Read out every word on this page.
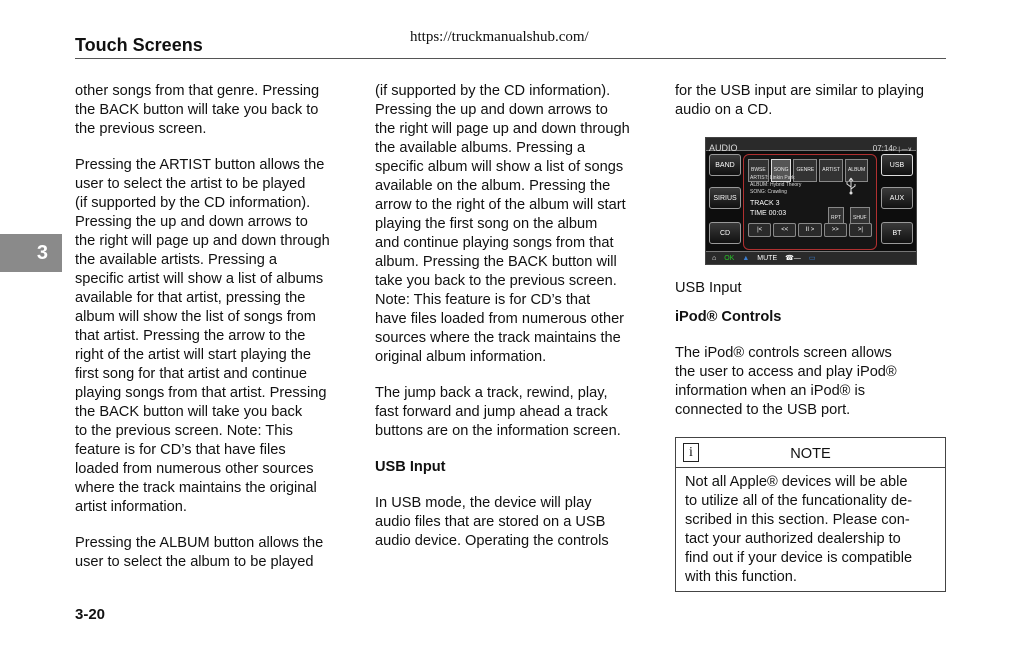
Touch Screens	https://truckmanualshub.com/
3

other songs from that genre. Pressing
the BACK button will take you back to
the previous screen.

Pressing the ARTIST button allows the
user to select the artist to be played
(if supported by the CD information).
Pressing the up and down arrows to
the right will page up and down through
the available artists. Pressing a
specific artist will show a list of albums
available for that artist, pressing the
album will show the list of songs from
that artist. Pressing the arrow to the
right of the artist will start playing the
first song for that artist and continue
playing songs from that artist. Pressing
the BACK button will take you back
to the previous screen. Note: This
feature is for CD’s that have files
loaded from numerous other sources
where the track maintains the original
artist information.

Pressing the ALBUM button allows the
user to select the album to be played

(if supported by the CD information).
Pressing the up and down arrows to
the right will page up and down through
the available albums. Pressing a
specific album will show a list of songs
available on the album. Pressing the
arrow to the right of the album will start
playing the first song on the album
and continue playing songs from that
album. Pressing the BACK button will
take you back to the previous screen.
Note: This feature is for CD’s that
have files loaded from numerous other
sources where the track maintains the
original album information.

The jump back a track, rewind, play,
fast forward and jump ahead a track
buttons are on the information screen.

USB Input

In USB mode, the device will play
audio files that are stored on a USB
audio device. Operating the controls

for the USB input are similar to playing
audio on a CD.

AUDIO	07:14P | —∨
BAND
SIRIUS
CD
USB
AUX
BT
BWSE	SONG	GENRE	ARTIST	ALBUM
ARTIST: Linkin Park
ALBUM: Hybrid Theory
SONG: Crawling
TRACK 3
TIME 00:03
RPT	SHUF
|<	<<	II >	>>	>|
⌂ OK ▲ MUTE ☎— ▭

USB Input

iPod® Controls

The iPod® controls screen allows
the user to access and play iPod®
information when an iPod® is
connected to the USB port.

i	NOTE
Not all Apple® devices will be able
to utilize all of the funcationality de-
scribed in this section. Please con-
tact your authorized dealership to
find out if your device is compatible
with this function.
3-20
